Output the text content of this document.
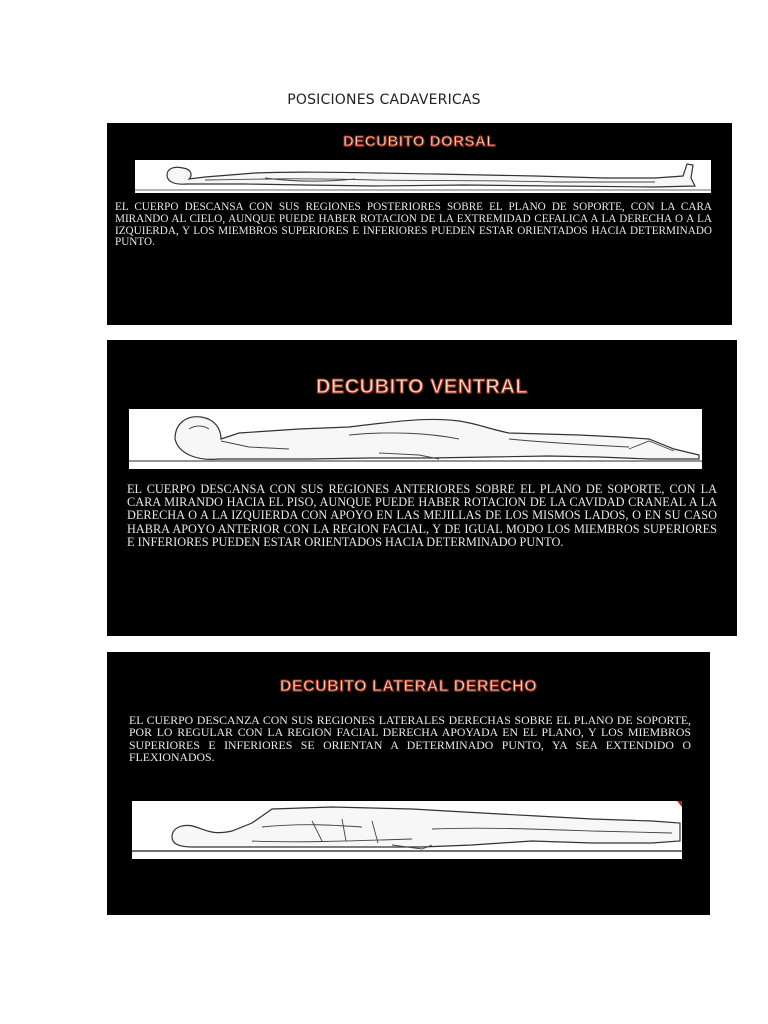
POSICIONES CADAVERICAS
DECUBITO DORSAL

EL CUERPO DESCANSA CON SUS REGIONES POSTERIORES SOBRE EL PLANO DE SOPORTE, CON LA CARA MIRANDO AL CIELO, AUNQUE PUEDE HABER ROTACION DE LA EXTREMIDAD CEFALICA A LA DERECHA O A LA IZQUIERDA, Y LOS MIEMBROS SUPERIORES E INFERIORES PUEDEN ESTAR ORIENTADOS HACIA DETERMINADO PUNTO.

DECUBITO VENTRAL

EL CUERPO DESCANSA CON SUS REGIONES ANTERIORES SOBRE EL PLANO DE SOPORTE, CON LA CARA MIRANDO HACIA EL PISO, AUNQUE PUEDE HABER ROTACION DE LA CAVIDAD CRANEAL A LA DERECHA O A LA IZQUIERDA CON APOYO EN LAS MEJILLAS DE LOS MISMOS LADOS, O EN SU CASO HABRA APOYO ANTERIOR CON LA REGION FACIAL, Y DE IGUAL MODO LOS MIEMBROS SUPERIORES E INFERIORES PUEDEN ESTAR ORIENTADOS HACIA DETERMINADO PUNTO.

DECUBITO LATERAL DERECHO

EL CUERPO DESCANZA CON SUS REGIONES LATERALES DERECHAS SOBRE EL PLANO DE SOPORTE, POR LO REGULAR CON LA REGION FACIAL DERECHA APOYADA EN EL PLANO, Y LOS MIEMBROS SUPERIORES E INFERIORES SE ORIENTAN A DETERMINADO PUNTO, YA SEA EXTENDIDO O FLEXIONADOS.
